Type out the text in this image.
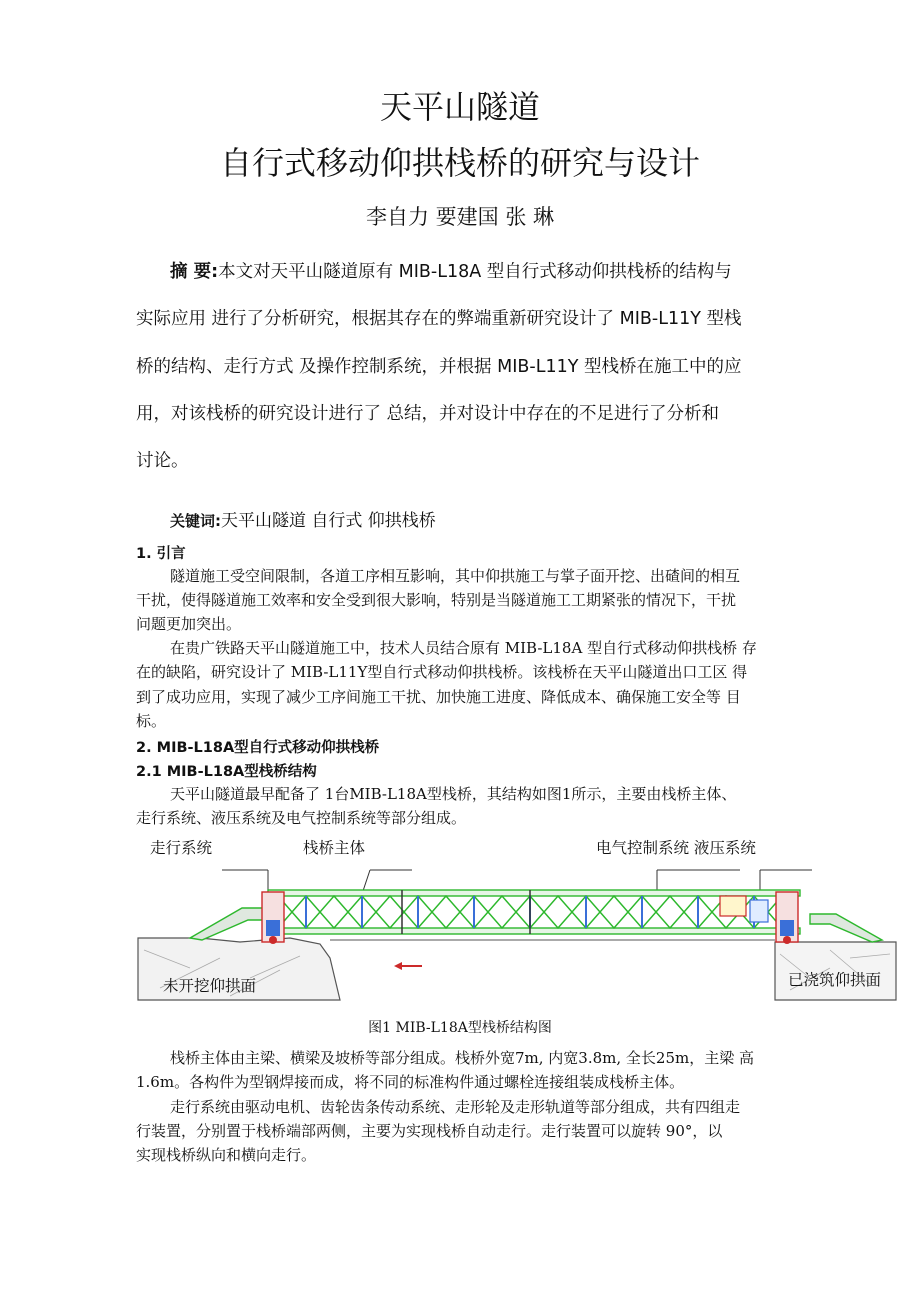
天平山隧道
自行式移动仰拱栈桥的研究与设计
李自力 要建国 张 琳
摘 要:本文对天平山隧道原有 MIB-L18A 型自行式移动仰拱栈桥的结构与
实际应用 进行了分析研究，根据其存在的弊端重新研究设计了 MIB-L11Y 型栈
桥的结构、走行方式 及操作控制系统，并根据 MIB-L11Y 型栈桥在施工中的应
用，对该栈桥的研究设计进行了 总结，并对设计中存在的不足进行了分析和
讨论。
关键词:天平山隧道 自行式 仰拱栈桥
1. 引言
隧道施工受空间限制，各道工序相互影响，其中仰拱施工与掌子面开挖、出碴间的相互
干扰，使得隧道施工效率和安全受到很大影响，特别是当隧道施工工期紧张的情况下，干扰
问题更加突出。
在贵广铁路天平山隧道施工中，技术人员结合原有 MIB-L18A 型自行式移动仰拱栈桥 存
在的缺陷，研究设计了 MIB-L11Y型自行式移动仰拱栈桥。该栈桥在天平山隧道出口工区 得
到了成功应用，实现了减少工序间施工干扰、加快施工进度、降低成本、确保施工安全等 目
标。
2. MIB-L18A型自行式移动仰拱栈桥
2.1 MIB-L18A型栈桥结构
天平山隧道最早配备了 1台MIB-L18A型栈桥，其结构如图1所示，主要由栈桥主体、
走行系统、液压系统及电气控制系统等部分组成。
走行系统	栈桥主体	电气控制系统 液压系统
未开挖仰拱面	已浇筑仰拱面
图1 MIB-L18A型栈桥结构图
栈桥主体由主梁、横梁及坡桥等部分组成。栈桥外宽7m, 内宽3.8m, 全长25m，主梁 高
1.6m。各构件为型钢焊接而成，将不同的标准构件通过螺栓连接组装成栈桥主体。
走行系统由驱动电机、齿轮齿条传动系统、走形轮及走形轨道等部分组成，共有四组走
行装置，分别置于栈桥端部两侧，主要为实现栈桥自动走行。走行装置可以旋转 90°，以
实现栈桥纵向和横向走行。
